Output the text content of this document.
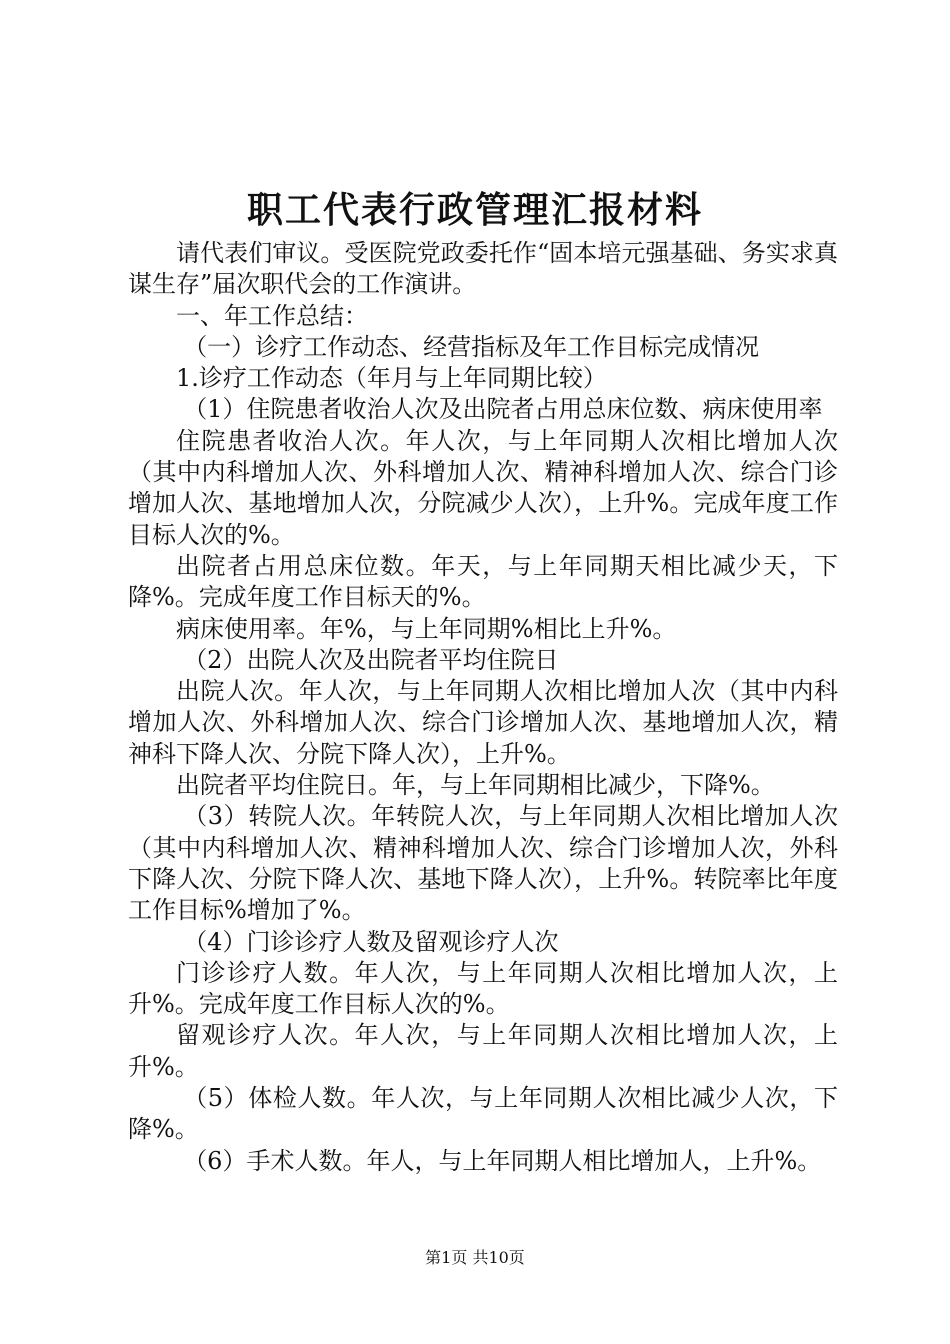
职工代表行政管理汇报材料

请代表们审议。受医院党政委托作“固本培元强基础、务实求真谋生存”届次职代会的工作演讲。

一、年工作总结：

（一）诊疗工作动态、经营指标及年工作目标完成情况

1.诊疗工作动态（年月与上年同期比较）

（1）住院患者收治人次及出院者占用总床位数、病床使用率

住院患者收治人次。年人次，与上年同期人次相比增加人次（其中内科增加人次、外科增加人次、精神科增加人次、综合门诊增加人次、基地增加人次，分院减少人次），上升%。完成年度工作目标人次的%。

出院者占用总床位数。年天，与上年同期天相比减少天，下降%。完成年度工作目标天的%。

病床使用率。年%，与上年同期%相比上升%。

（2）出院人次及出院者平均住院日

出院人次。年人次，与上年同期人次相比增加人次（其中内科增加人次、外科增加人次、综合门诊增加人次、基地增加人次，精神科下降人次、分院下降人次），上升%。

出院者平均住院日。年，与上年同期相比减少，下降%。

（3）转院人次。年转院人次，与上年同期人次相比增加人次（其中内科增加人次、精神科增加人次、综合门诊增加人次，外科下降人次、分院下降人次、基地下降人次），上升%。转院率比年度工作目标%增加了%。

（4）门诊诊疗人数及留观诊疗人次

门诊诊疗人数。年人次，与上年同期人次相比增加人次，上升%。完成年度工作目标人次的%。

留观诊疗人次。年人次，与上年同期人次相比增加人次，上升%。

（5）体检人数。年人次，与上年同期人次相比减少人次，下降%。

（6）手术人数。年人，与上年同期人相比增加人，上升%。

第1页 共10页
